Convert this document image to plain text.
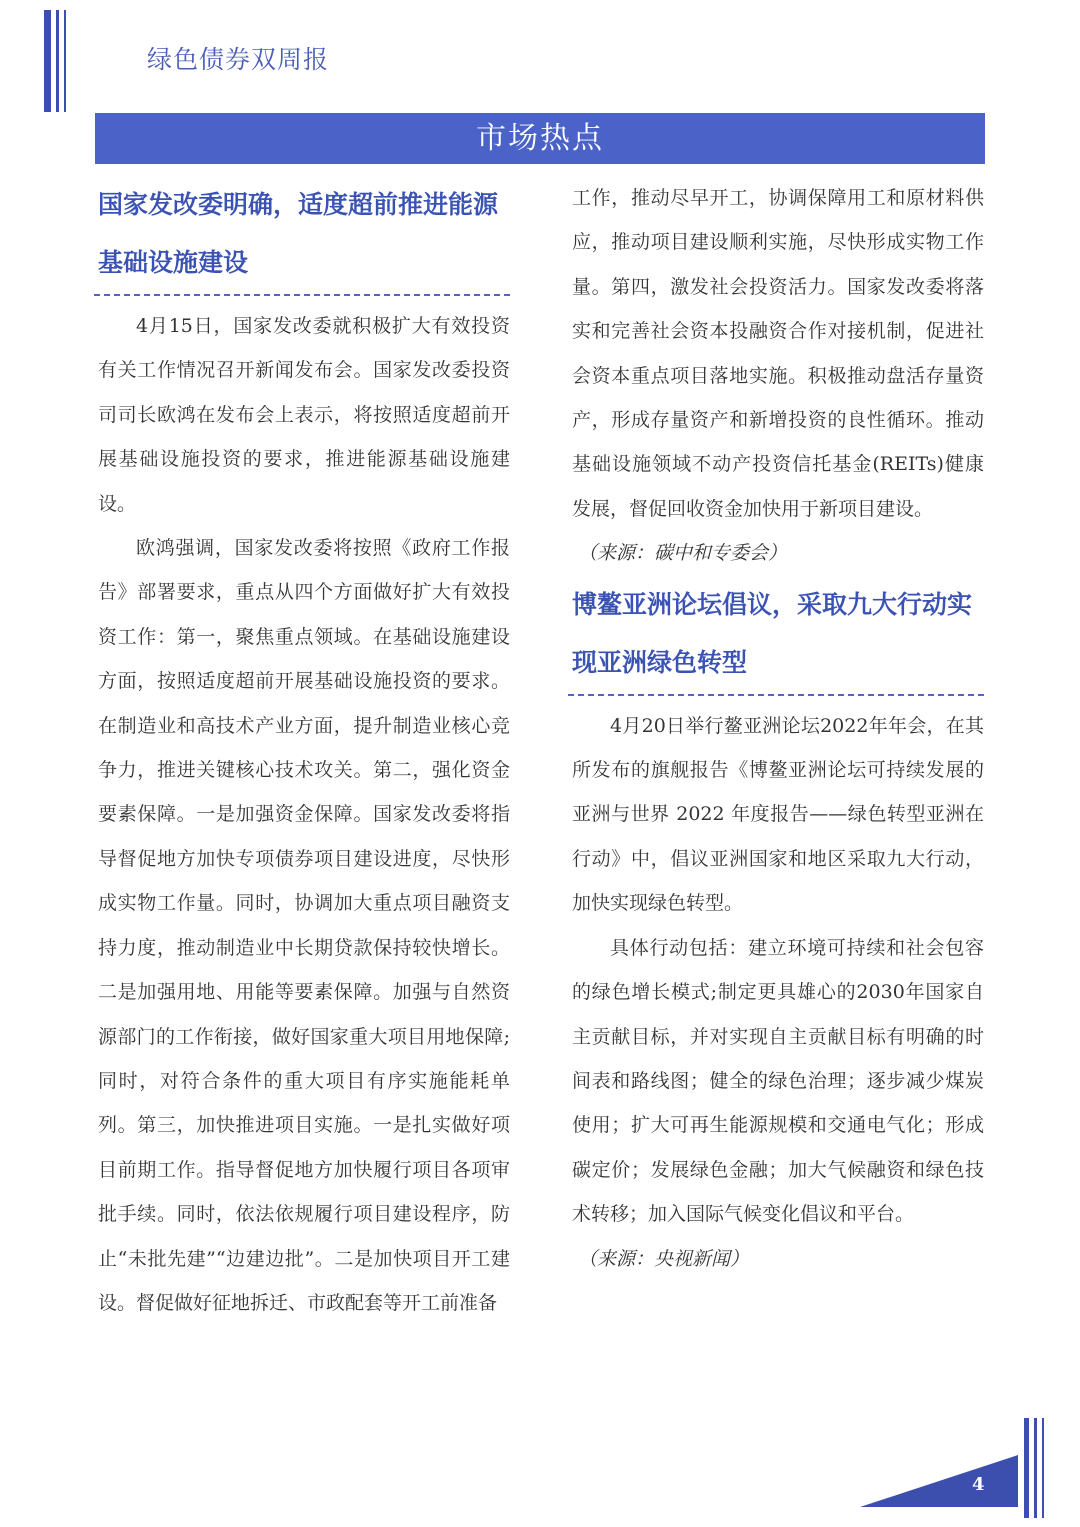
绿色债券双周报
市场热点
国家发改委明确，适度超前推进能源基础设施建设

4月15日，国家发改委就积极扩大有效投资有关工作情况召开新闻发布会。国家发改委投资司司长欧鸿在发布会上表示，将按照适度超前开展基础设施投资的要求，推进能源基础设施建设。

欧鸿强调，国家发改委将按照《政府工作报告》部署要求，重点从四个方面做好扩大有效投资工作：第一，聚焦重点领域。在基础设施建设方面，按照适度超前开展基础设施投资的要求。在制造业和高技术产业方面，提升制造业核心竞争力，推进关键核心技术攻关。第二，强化资金要素保障。一是加强资金保障。国家发改委将指导督促地方加快专项债券项目建设进度，尽快形成实物工作量。同时，协调加大重点项目融资支持力度，推动制造业中长期贷款保持较快增长。二是加强用地、用能等要素保障。加强与自然资源部门的工作衔接，做好国家重大项目用地保障;同时，对符合条件的重大项目有序实施能耗单列。第三，加快推进项目实施。一是扎实做好项目前期工作。指导督促地方加快履行项目各项审批手续。同时，依法依规履行项目建设程序，防止“未批先建”“边建边批”。二是加快项目开工建设。督促做好征地拆迁、市政配套等开工前准备

工作，推动尽早开工，协调保障用工和原材料供应，推动项目建设顺利实施，尽快形成实物工作量。第四，激发社会投资活力。国家发改委将落实和完善社会资本投融资合作对接机制，促进社会资本重点项目落地实施。积极推动盘活存量资产，形成存量资产和新增投资的良性循环。推动基础设施领域不动产投资信托基金(REITs)健康发展，督促回收资金加快用于新项目建设。

（来源：碳中和专委会）

博鳌亚洲论坛倡议，采取九大行动实现亚洲绿色转型

4月20日举行鳌亚洲论坛2022年年会，在其所发布的旗舰报告《博鳌亚洲论坛可持续发展的亚洲与世界 2022 年度报告——绿色转型亚洲在行动》中，倡议亚洲国家和地区采取九大行动，加快实现绿色转型。

具体行动包括：建立环境可持续和社会包容的绿色增长模式;制定更具雄心的2030年国家自主贡献目标，并对实现自主贡献目标有明确的时间表和路线图；健全的绿色治理；逐步减少煤炭使用；扩大可再生能源规模和交通电气化；形成碳定价；发展绿色金融；加大气候融资和绿色技术转移；加入国际气候变化倡议和平台。

（来源：央视新闻）

4
